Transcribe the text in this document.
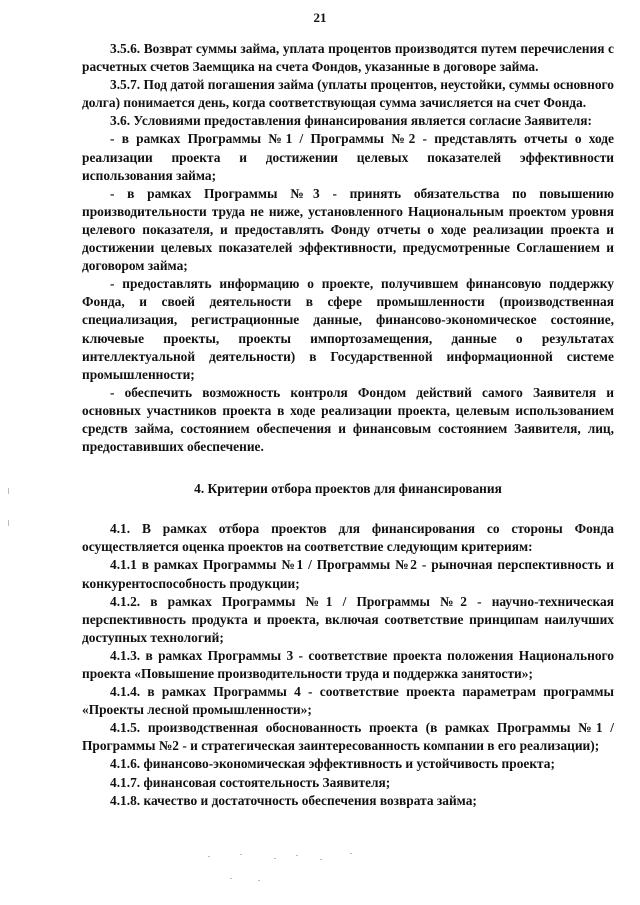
21

3.5.6. Возврат суммы займа, уплата процентов производятся путем перечисления с расчетных счетов Заемщика на счета Фондов, указанные в договоре займа.

3.5.7. Под датой погашения займа (уплаты процентов, неустойки, суммы основного долга) понимается день, когда соответствующая сумма зачисляется на счет Фонда.

3.6. Условиями предоставления финансирования является согласие Заявителя:

- в рамках Программы №1 / Программы №2 - представлять отчеты о ходе реализации проекта и достижении целевых показателей эффективности использования займа;

- в рамках Программы №3 - принять обязательства по повышению производительности труда не ниже, установленного Национальным проектом уровня целевого показателя, и предоставлять Фонду отчеты о ходе реализации проекта и достижении целевых показателей эффективности, предусмотренные Соглашением и договором займа;

- предоставлять информацию о проекте, получившем финансовую поддержку Фонда, и своей деятельности в сфере промышленности (производственная специализация, регистрационные данные, финансово-экономическое состояние, ключевые проекты, проекты импортозамещения, данные о результатах интеллектуальной деятельности) в Государственной информационной системе промышленности;

- обеспечить возможность контроля Фондом действий самого Заявителя и основных участников проекта в ходе реализации проекта, целевым использованием средств займа, состоянием обеспечения и финансовым состоянием Заявителя, лиц, предоставивших обеспечение.

4. Критерии отбора проектов для финансирования

4.1. В рамках отбора проектов для финансирования со стороны Фонда осуществляется оценка проектов на соответствие следующим критериям:

4.1.1 в рамках Программы №1 / Программы №2 - рыночная перспективность и конкурентоспособность продукции;

4.1.2. в рамках Программы №1 / Программы №2 - научно-техническая перспективность продукта и проекта, включая соответствие принципам наилучших доступных технологий;

4.1.3. в рамках Программы 3 - соответствие проекта положения Национального проекта «Повышение производительности труда и поддержка занятости»;

4.1.4. в рамках Программы 4 - соответствие проекта параметрам программы «Проекты лесной промышленности»;

4.1.5. производственная обоснованность проекта (в рамках Программы №1 / Программы №2 - и стратегическая заинтересованность компании в его реализации);

4.1.6. финансово-экономическая эффективность и устойчивость проекта;

4.1.7. финансовая состоятельность Заявителя;

4.1.8. качество и достаточность обеспечения возврата займа;
